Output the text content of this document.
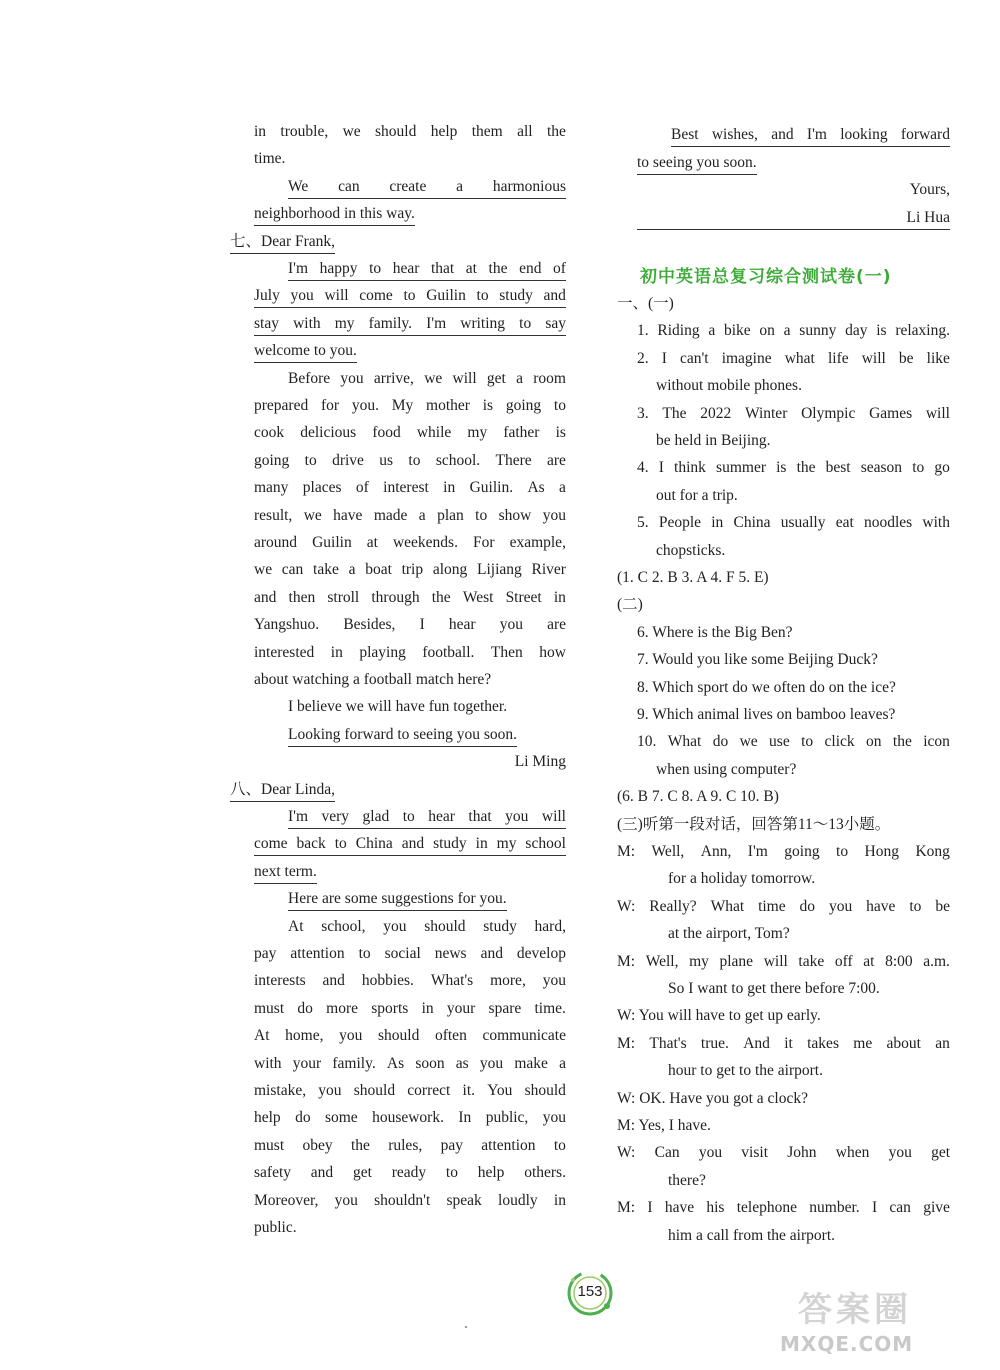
in trouble, we should help them all the
time.
We can create a harmonious
neighborhood in this way.
七、Dear Frank,
I'm happy to hear that at the end of
July you will come to Guilin to study and
stay with my family. I'm writing to say
welcome to you.
Before you arrive, we will get a room
prepared for you. My mother is going to
cook delicious food while my father is
going to drive us to school. There are
many places of interest in Guilin. As a
result, we have made a plan to show you
around Guilin at weekends. For example,
we can take a boat trip along Lijiang River
and then stroll through the West Street in
Yangshuo. Besides, I hear you are
interested in playing football. Then how
about watching a football match here?
I believe we will have fun together.
Looking forward to seeing you soon.
Li Ming
八、Dear Linda,
I'm very glad to hear that you will
come back to China and study in my school
next term.
Here are some suggestions for you.
At school, you should study hard,
pay attention to social news and develop
interests and hobbies. What's more, you
must do more sports in your spare time.
At home, you should often communicate
with your family. As soon as you make a
mistake, you should correct it. You should
help do some housework. In public, you
must obey the rules, pay attention to
safety and get ready to help others.
Moreover, you shouldn't speak loudly in
public.
Best wishes, and I'm looking forward
to seeing you soon.
Yours,
Li Hua
初中英语总复习综合测试卷(一)
一、(一)
1. Riding a bike on a sunny day is relaxing.
2. I can't imagine what life will be like
without mobile phones.
3. The 2022 Winter Olympic Games will
be held in Beijing.
4. I think summer is the best season to go
out for a trip.
5. People in China usually eat noodles with
chopsticks.
(1. C 2. B 3. A 4. F 5. E)
(二)
6. Where is the Big Ben?
7. Would you like some Beijing Duck?
8. Which sport do we often do on the ice?
9. Which animal lives on bamboo leaves?
10. What do we use to click on the icon
when using computer?
(6. B 7. C 8. A 9. C 10. B)
(三)听第一段对话，回答第11～13小题。
M: Well, Ann, I'm going to Hong Kong
for a holiday tomorrow.
W: Really? What time do you have to be
at the airport, Tom?
M: Well, my plane will take off at 8:00 a.m.
So I want to get there before 7:00.
W: You will have to get up early.
M: That's true. And it takes me about an
hour to get to the airport.
W: OK. Have you got a clock?
M: Yes, I have.
W: Can you visit John when you get
there?
M: I have his telephone number. I can give
him a call from the airport.
153	答案圈
MXQE.COM
